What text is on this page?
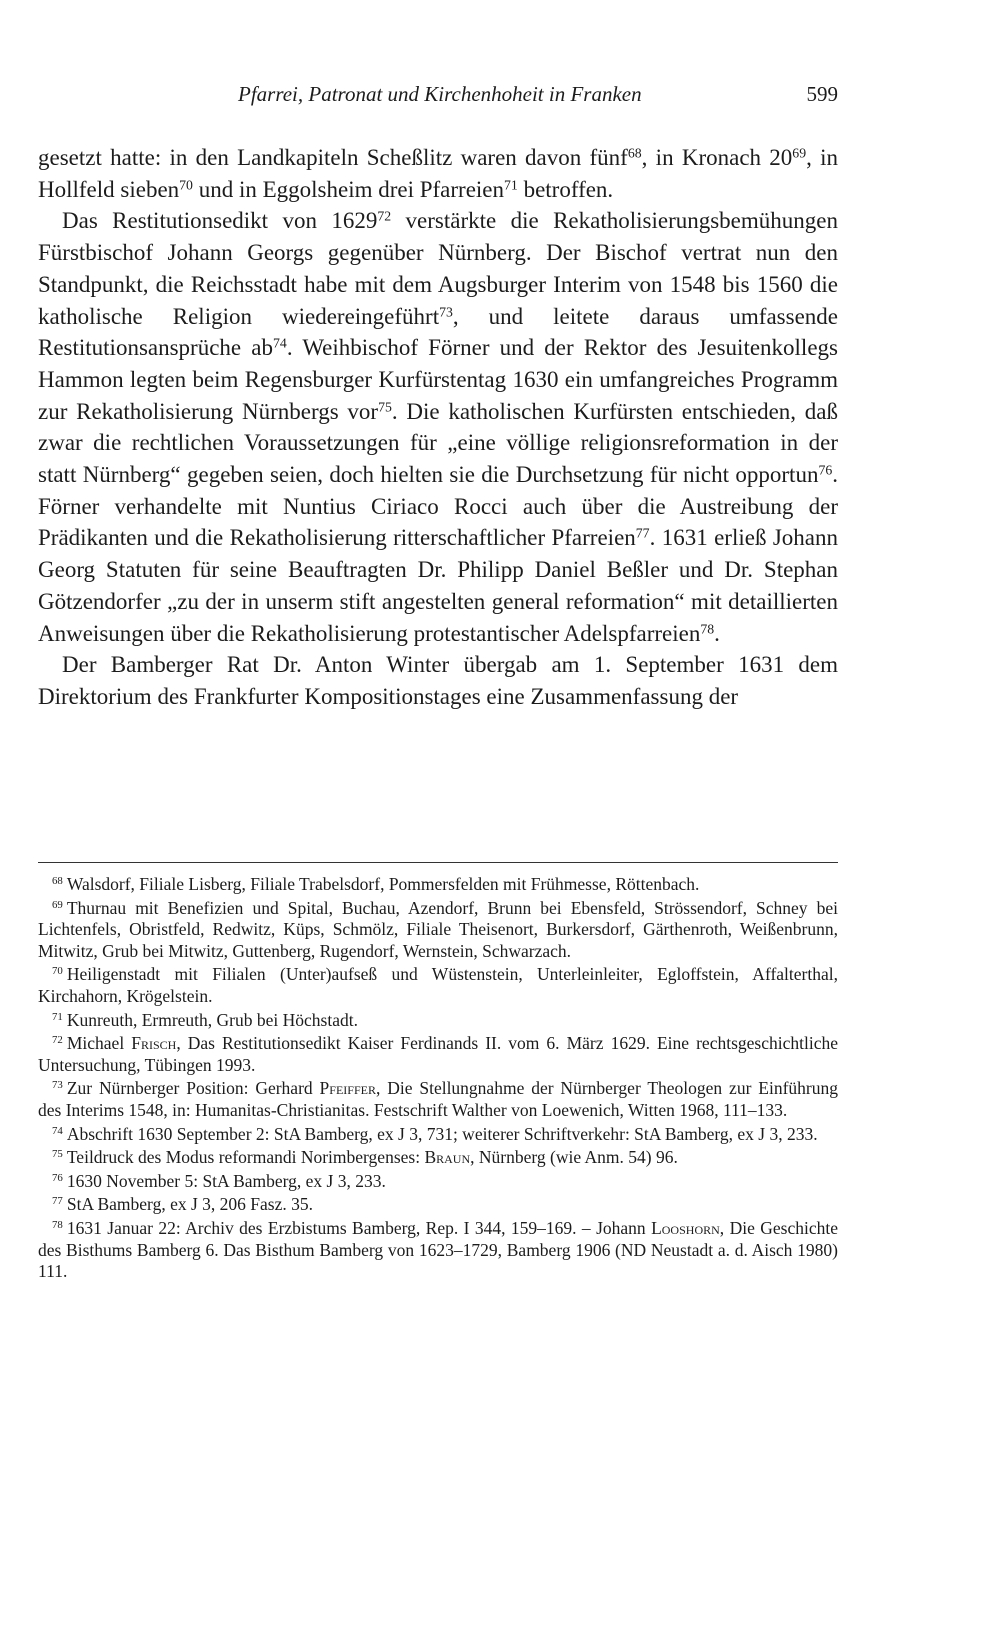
Pfarrei, Patronat und Kirchenhoheit in Franken	599

gesetzt hatte: in den Landkapiteln Scheßlitz waren davon fünf$^{68}$, in Kronach $20^{69}$, in Hollfeld sieben$^{70}$ und in Eggolsheim drei Pfarreien$^{71}$ betroffen.

Das Restitutionsedikt von 1629$^{72}$ verstärkte die Rekatholisierungsbemühungen Fürstbischof Johann Georgs gegenüber Nürnberg. Der Bischof vertrat nun den Standpunkt, die Reichsstadt habe mit dem Augsburger Interim von 1548 bis 1560 die katholische Religion wiedereingeführt$^{73}$, und leitete daraus umfassende Restitutionsansprüche $ab^{74}$. Weihbischof Förner und der Rektor des Jesuitenkollegs Hammon legten beim Regensburger Kurfürstentag 1630 ein umfangreiches Programm zur Rekatholisierung Nürnbergs vor$^{75}$. Die katholischen Kurfürsten entschieden, daß zwar die rechtlichen Voraussetzungen für „eine völlige religionsreformation in der statt Nürnberg“ gegeben seien, doch hielten sie die Durchsetzung für nicht opportun$^{76}$. Förner verhandelte mit Nuntius Ciriaco Rocci auch über die Austreibung der Prädikanten und die Rekatholisierung ritterschaftlicher Pfarreien$^{77}$. 1631 erließ Johann Georg Statuten für seine Beauftragten Dr. Philipp Daniel Beßler und Dr. Stephan Götzendorfer „zu der in unserm stift angestelten general reformation“ mit detaillierten Anweisungen über die Rekatholisierung protestantischer Adelspfarreien$^{78}$.

Der Bamberger Rat Dr. Anton Winter übergab am 1. September 1631 dem Direktorium des Frankfurter Kompositionstages eine Zusammenfassung der

$^{68}$ Walsdorf, Filiale Lisberg, Filiale Trabelsdorf, Pommersfelden mit Frühmesse, Röttenbach.

$^{69}$ Thurnau mit Benefizien und Spital, Buchau, Azendorf, Brunn bei Ebensfeld, Strössendorf, Schney bei Lichtenfels, Obristfeld, Redwitz, Küps, Schmölz, Filiale Theisenort, Burkersdorf, Gärthenroth, Weißenbrunn, Mitwitz, Grub bei Mitwitz, Guttenberg, Rugendorf, Wernstein, Schwarzach.

$^{70}$ Heiligenstadt mit Filialen (Unter)aufseß und Wüstenstein, Unterleinleiter, Egloffstein, Affalterthal, Kirchahorn, Krögelstein.

$^{71}$ Kunreuth, Ermreuth, Grub bei Höchstadt.

$^{72}$ Michael Frisch, Das Restitutionsedikt Kaiser Ferdinands II. vom 6. März 1629. Eine rechtsgeschichtliche Untersuchung, Tübingen 1993.

$^{73}$ Zur Nürnberger Position: Gerhard Pfeiffer, Die Stellungnahme der Nürnberger Theologen zur Einführung des Interims 1548, in: Humanitas-Christianitas. Festschrift Walther von Loewenich, Witten 1968, 111–133.

$^{74}$ Abschrift 1630 September 2: StA Bamberg, ex J 3, 731; weiterer Schriftverkehr: StA Bamberg, ex J 3, 233.

$^{75}$ Teildruck des Modus reformandi Norimbergenses: Braun, Nürnberg (wie Anm. 54) 96.

$^{76}$ 1630 November 5: StA Bamberg, ex J 3, 233.

$^{77}$ StA Bamberg, ex J 3, 206 Fasz. 35.

$^{78}$ 1631 Januar 22: Archiv des Erzbistums Bamberg, Rep. I 344, 159–169. – Johann Looshorn, Die Geschichte des Bisthums Bamberg 6. Das Bisthum Bamberg von 1623–1729, Bamberg 1906 (ND Neustadt a. d. Aisch 1980) 111.
